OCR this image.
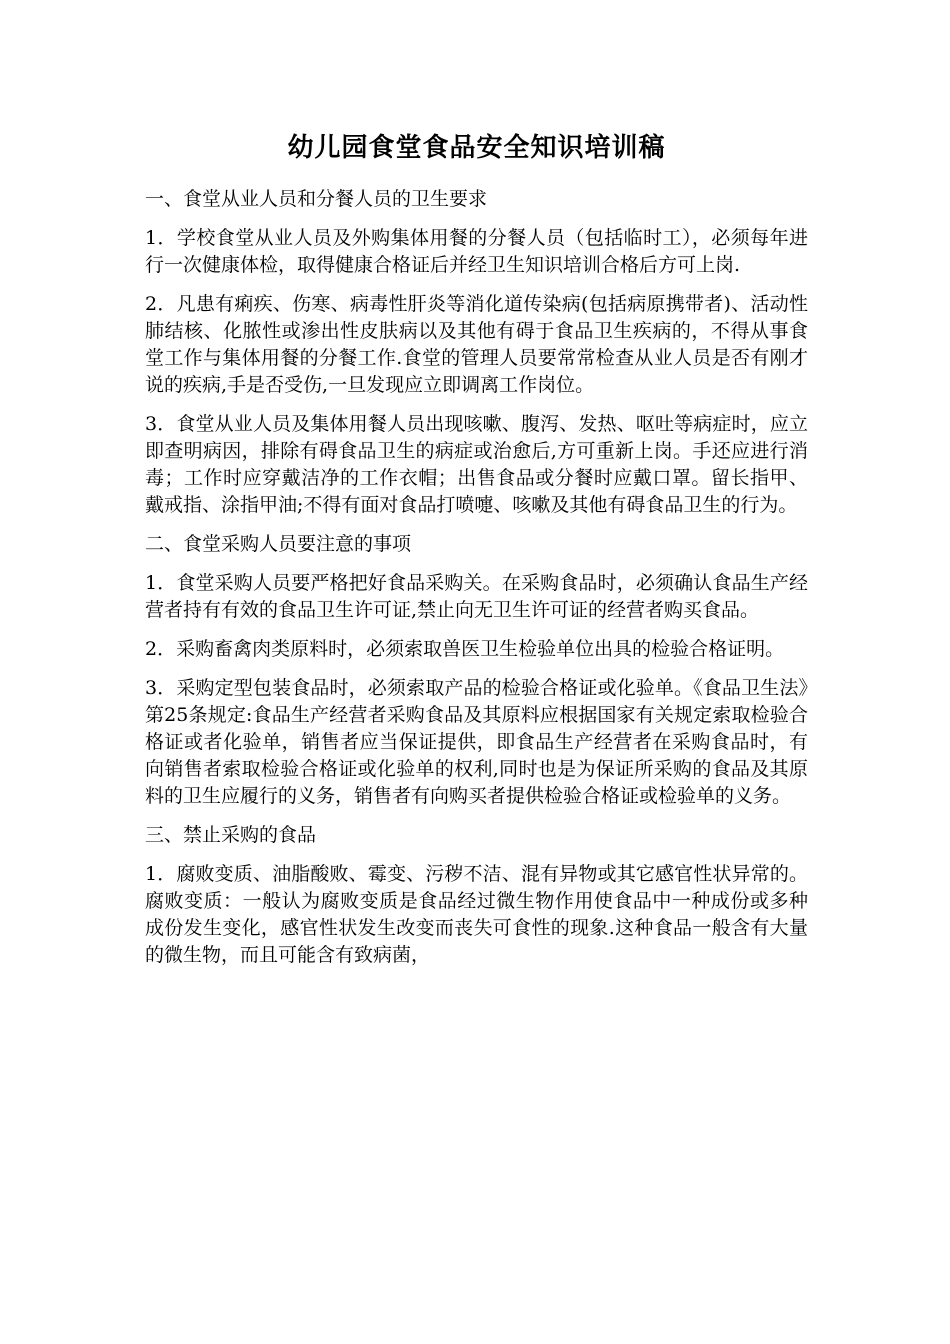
幼儿园食堂食品安全知识培训稿

一、食堂从业人员和分餐人员的卫生要求

1．学校食堂从业人员及外购集体用餐的分餐人员（包括临时工），必须每年进行一次健康体检，取得健康合格证后并经卫生知识培训合格后方可上岗.

2．凡患有痢疾、伤寒、病毒性肝炎等消化道传染病(包括病原携带者)、活动性肺结核、化脓性或渗出性皮肤病以及其他有碍于食品卫生疾病的，不得从事食堂工作与集体用餐的分餐工作.食堂的管理人员要常常检查从业人员是否有刚才说的疾病,手是否受伤,一旦发现应立即调离工作岗位。

3．食堂从业人员及集体用餐人员出现咳嗽、腹泻、发热、呕吐等病症时，应立即查明病因，排除有碍食品卫生的病症或治愈后,方可重新上岗。手还应进行消毒；工作时应穿戴洁净的工作衣帽；出售食品或分餐时应戴口罩。留长指甲、戴戒指、涂指甲油;不得有面对食品打喷嚏、咳嗽及其他有碍食品卫生的行为。

二、食堂采购人员要注意的事项

1．食堂采购人员要严格把好食品采购关。在采购食品时，必须确认食品生产经营者持有有效的食品卫生许可证,禁止向无卫生许可证的经营者购买食品。

2．采购畜禽肉类原料时，必须索取兽医卫生检验单位出具的检验合格证明。

3．采购定型包装食品时，必须索取产品的检验合格证或化验单。《食品卫生法》第25条规定:食品生产经营者采购食品及其原料应根据国家有关规定索取检验合格证或者化验单，销售者应当保证提供，即食品生产经营者在采购食品时，有向销售者索取检验合格证或化验单的权利,同时也是为保证所采购的食品及其原料的卫生应履行的义务，销售者有向购买者提供检验合格证或检验单的义务。

三、禁止采购的食品

1．腐败变质、油脂酸败、霉变、污秽不洁、混有异物或其它感官性状异常的。腐败变质：一般认为腐败变质是食品经过微生物作用使食品中一种成份或多种成份发生变化，感官性状发生改变而丧失可食性的现象.这种食品一般含有大量的微生物，而且可能含有致病菌，
